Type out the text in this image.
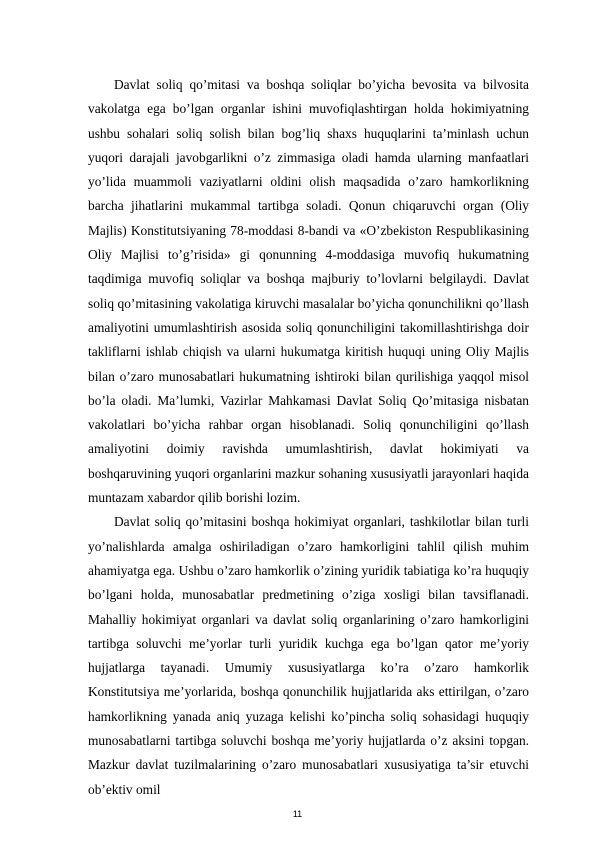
Davlat soliq qo’mitasi va boshqa soliqlar bo’yicha bevosita va bilvosita vakolatga ega bo’lgan organlar ishini muvofiqlashtirgan holda hokimiyatning ushbu sohalari soliq solish bilan bog’liq shaxs huquqlarini ta’minlash uchun yuqori darajali javobgarlikni o’z zimmasiga oladi hamda ularning manfaatlari yo’lida muammoli vaziyatlarni oldini olish maqsadida o’zaro hamkorlikning barcha jihatlarini mukammal tartibga soladi. Qonun chiqaruvchi organ (Oliy Majlis) Konstitutsiyaning 78-moddasi 8-bandi va «O’zbekiston Respublikasining Oliy Majlisi to’g’risida» gi qonunning 4-moddasiga muvofiq hukumatning taqdimiga muvofiq soliqlar va boshqa majburiy to’lovlarni belgilaydi. Davlat soliq qo’mitasining vakolatiga kiruvchi masalalar bo’yicha qonunchilikni qo’llash amaliyotini umumlashtirish asosida soliq qonunchiligini takomillashtirishga doir takliflarni ishlab chiqish va ularni hukumatga kiritish huquqi uning Oliy Majlis bilan o’zaro munosabatlari hukumatning ishtiroki bilan qurilishiga yaqqol misol bo’la oladi. Ma’lumki, Vazirlar Mahkamasi Davlat Soliq Qo’mitasiga nisbatan vakolatlari bo’yicha rahbar organ hisoblanadi. Soliq qonunchiligini qo’llash amaliyotini doimiy ravishda umumlashtirish, davlat hokimiyati va boshqaruvining yuqori organlarini mazkur sohaning xususiyatli jarayonlari haqida muntazam xabardor qilib borishi lozim.

Davlat soliq qo’mitasini boshqa hokimiyat organlari, tashkilotlar bilan turli yo’nalishlarda amalga oshiriladigan o’zaro hamkorligini tahlil qilish muhim ahamiyatga ega. Ushbu o’zaro hamkorlik o’zining yuridik tabiatiga ko’ra huquqiy bo’lgani holda, munosabatlar predmetining o’ziga xosligi bilan tavsiflanadi. Mahalliy hokimiyat organlari va davlat soliq organlarining o’zaro hamkorligini tartibga soluvchi me’yorlar turli yuridik kuchga ega bo’lgan qator me’yoriy hujjatlarga tayanadi. Umumiy xususiyatlarga ko’ra o’zaro hamkorlik Konstitutsiya me’yorlarida, boshqa qonunchilik hujjatlarida aks ettirilgan, o’zaro hamkorlikning yanada aniq yuzaga kelishi ko’pincha soliq sohasidagi huquqiy munosabatlarni tartibga soluvchi boshqa me’yoriy hujjatlarda o’z aksini topgan. Mazkur davlat tuzilmalarining o’zaro munosabatlari xususiyatiga ta’sir etuvchi ob’ektiv omil

11
